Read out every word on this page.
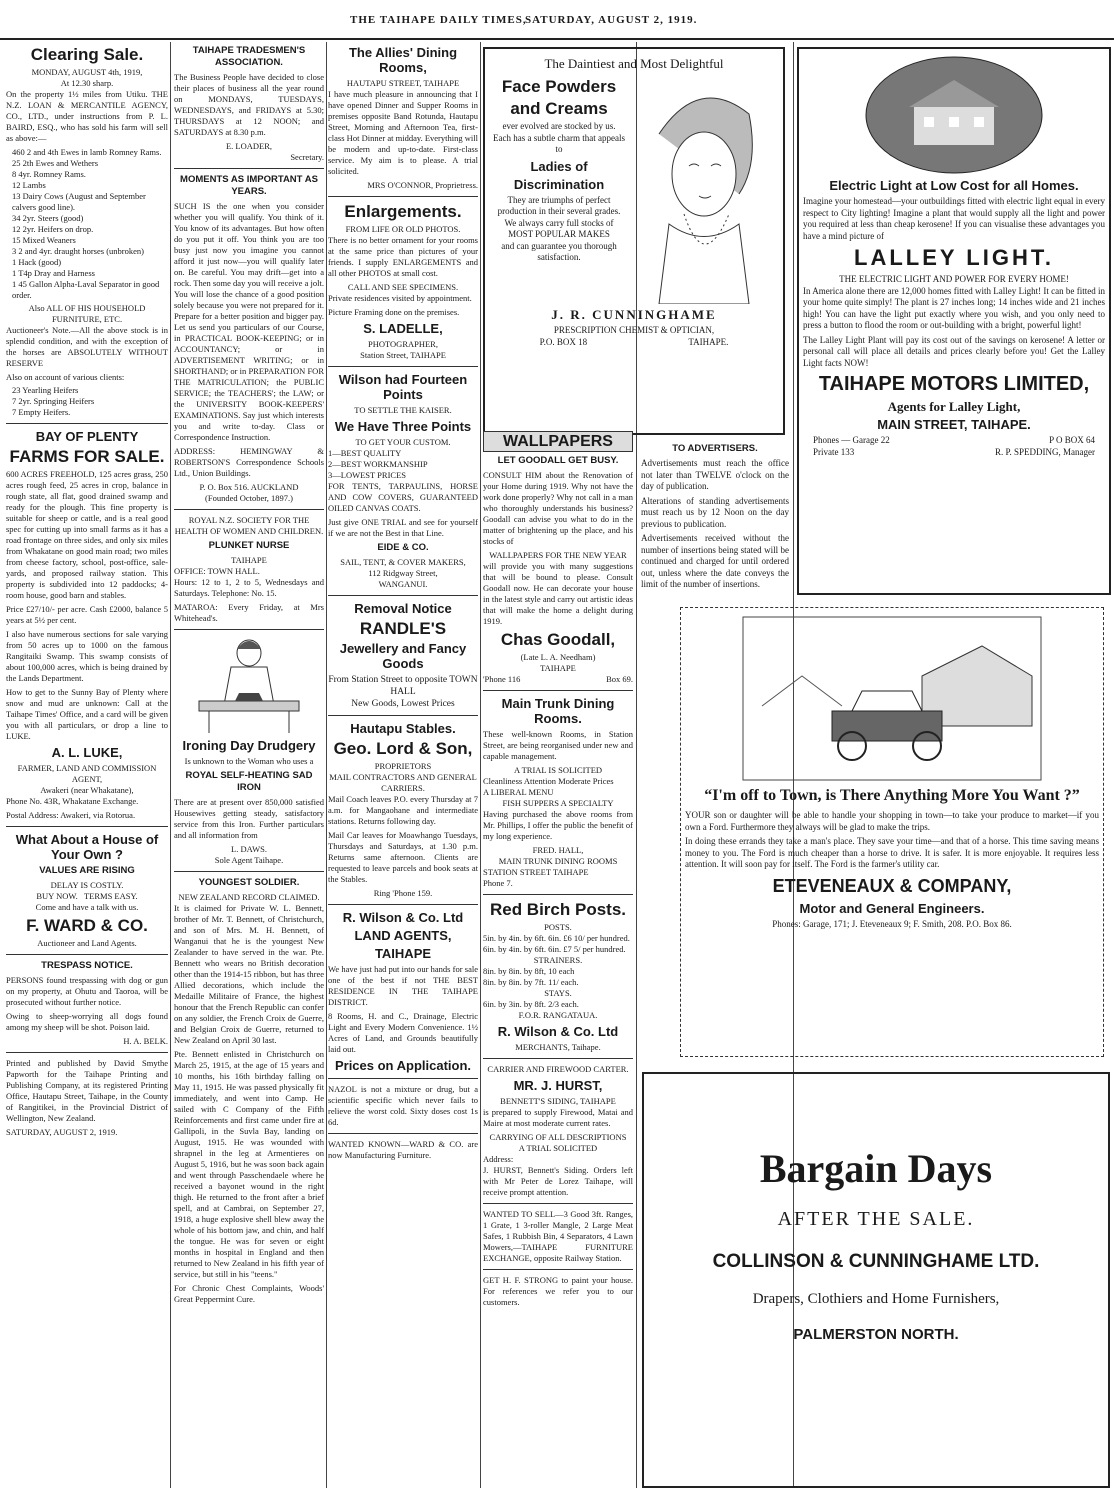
THE TAIHAPE DAILY TIMES,
SATURDAY, AUGUST 2, 1919.
Clearing Sale.
MONDAY, AUGUST 4th, 1919,
At 12.30 sharp.

On the property 1½ miles from Utiku. THE N.Z. LOAN & MERCANTILE AGENCY, CO., LTD., under instructions from P. L. BAIRD, ESQ., who has sold his farm will sell as above:—

460 2 and 4th Ewes in lamb Romney Rams.
25 2th Ewes and Wethers
8 4yr. Romney Rams.
12 Lambs
13 Dairy Cows (August and September calvers good line).
34 2yr. Steers (good)
12 2yr. Heifers on drop.
15 Mixed Weaners
3 2 and 4yr. draught horses (unbroken)
1 Hack (good)
1 T4p Dray and Harness
1 45 Gallon Alpha-Laval Separator in good order.
Also ALL OF HIS HOUSEHOLD FURNITURE, ETC.

Auctioneer's Note.—All the above stock is in splendid condition, and with the exception of the horses are ABSOLUTELY WITHOUT RESERVE

Also on account of various clients:
23 Yearling Heifers
7 2yr. Springing Heifers
7 Empty Heifers.
BAY OF PLENTY
FARMS FOR SALE.

600 ACRES FREEHOLD, 125 acres grass, 250 acres rough feed, 25 acres in crop, balance in rough state, all flat, good drained swamp and ready for the plough. This fine property is suitable for sheep or cattle, and is a real good spec for cutting up into small farms as it has a road frontage on three sides, and only six miles from Whakatane on good main road; two miles from cheese factory, school, post-office, sale-yards, and proposed railway station. This property is subdivided into 12 paddocks; 4-room house, good barn and stables.

Price £27/10/- per acre. Cash £2000, balance 5 years at 5½ per cent.

I also have numerous sections for sale varying from 50 acres up to 1000 on the famous Rangitaiki Swamp. This swamp consists of about 100,000 acres, which is being drained by the Lands Department.

How to get to the Sunny Bay of Plenty where snow and mud are unknown: Call at the Taihape Times' Office, and a card will be given you with all particulars, or drop a line to LUKE.

A. L. LUKE,
FARMER, LAND AND COMMISSION AGENT,
Awakeri (near Whakatane),

Phone No. 43R, Whakatane Exchange.

Postal Address: Awakeri, via Rotorua.

What About a House of Your Own ?
VALUES ARE RISING
DELAY IS COSTLY.
BUY NOW. TERMS EASY.
Come and have a talk with us.
F. WARD & CO.
Auctioneer and Land Agents.
TRESPASS NOTICE.

PERSONS found trespassing with dog or gun on my property, at Ohutu and Taoroa, will be prosecuted without further notice.

Owing to sheep-worrying all dogs found among my sheep will be shot. Poison laid.

H. A. BELK.

Printed and published by David Smythe Papworth for the Taihape Printing and Publishing Company, at its registered Printing Office, Hautapu Street, Taihape, in the County of Rangitikei, in the Provincial District of Wellington, New Zealand.

SATURDAY, AUGUST 2, 1919.
TAIHAPE TRADESMEN'S ASSOCIATION.

The Business People have decided to close their places of business all the year round on MONDAYS, TUESDAYS, WEDNESDAYS, and FRIDAYS at 5.30; THURSDAYS at 12 NOON; and SATURDAYS at 8.30 p.m.

E. LOADER,
Secretary.
MOMENTS AS IMPORTANT AS YEARS.

SUCH IS the one when you consider whether you will qualify. You think of it. You know of its advantages. But how often do you put it off. You think you are too busy just now you imagine you cannot afford it just now—you will qualify later on. Be careful. You may drift—get into a rock. Then some day you will receive a jolt. You will lose the chance of a good position solely because you were not prepared for it. Prepare for a better position and bigger pay. Let us send you particulars of our Course, in PRACTICAL BOOK-KEEPING; or in ACCOUNTANCY; or in ADVERTISEMENT WRITING; or in SHORTHAND; or in PREPARATION FOR THE MATRICULATION; the PUBLIC SERVICE; the TEACHERS'; the LAW; or the UNIVERSITY BOOK-KEEPERS' EXAMINATIONS. Say just which interests you and write to-day. Class or Correspondence Instruction.

ADDRESS: HEMINGWAY & ROBERTSON'S Correspondence Schools Ltd., Union Buildings.

P. O. Box 516. AUCKLAND
(Founded October, 1897.)
ROYAL N.Z. SOCIETY FOR THE HEALTH OF WOMEN AND CHILDREN.
PLUNKET NURSE
TAIHAPE
OFFICE: TOWN HALL.

Hours: 12 to 1, 2 to 5, Wednesdays and Saturdays. Telephone: No. 15.

MATAROA: Every Friday, at Mrs Whitehead's.

Ironing Day Drudgery
Is unknown to the Woman who uses a
ROYAL SELF-HEATING SAD IRON

There are at present over 850,000 satisfied Housewives getting steady, satisfactory service from this Iron. Further particulars and all information from

L. DAWS.
Sole Agent Taihape.
YOUNGEST SOLDIER.
NEW ZEALAND RECORD CLAIMED.

It is claimed for Private W. L. Bennett, brother of Mr. T. Bennett, of Christchurch, and son of Mrs. M. H. Bennett, of Wanganui that he is the youngest New Zealander to have served in the war. Pte. Bennett who wears no British decoration other than the 1914-15 ribbon, but has three Allied decorations, which include the Medaille Militaire of France, the highest honour that the French Republic can confer on any soldier, the French Croix de Guerre, and Belgian Croix de Guerre, returned to New Zealand on April 30 last.

Pte. Bennett enlisted in Christchurch on March 25, 1915, at the age of 15 years and 10 months, his 16th birthday falling on May 11, 1915. He was passed physically fit immediately, and went into Camp. He sailed with C Company of the Fifth Reinforcements and first came under fire at Gallipoli, in the Suvla Bay, landing on August, 1915. He was wounded with shrapnel in the leg at Armentieres on August 5, 1916, but he was soon back again and went through Passchendaele where he received a bayonet wound in the right thigh. He returned to the front after a brief spell, and at Cambrai, on September 27, 1918, a huge explosive shell blew away the whole of his bottom jaw, and chin, and half the tongue. He was for seven or eight months in hospital in England and then returned to New Zealand in his fifth year of service, but still in his "teens."

For Chronic Chest Complaints, Woods' Great Peppermint Cure.

The Allies' Dining Rooms,
HAUTAPU STREET, TAIHAPE

I have much pleasure in announcing that I have opened Dinner and Supper Rooms in premises opposite Band Rotunda, Hautapu Street, Morning and Afternoon Tea, first-class Hot Dinner at midday. Everything will be modern and up-to-date. First-class service. My aim is to please. A trial solicited.

MRS O'CONNOR, Proprietress.
Enlargements.
FROM LIFE OR OLD PHOTOS.

There is no better ornament for your rooms at the same price than pictures of your friends. I supply ENLARGEMENTS and all other PHOTOS at small cost.

CALL AND SEE SPECIMENS.

Private residences visited by appointment.

Picture Framing done on the premises.

S. LADELLE,
PHOTOGRAPHER,
Station Street, TAIHAPE
Wilson had Fourteen Points
TO SETTLE THE KAISER.
We Have Three Points
TO GET YOUR CUSTOM.
1—BEST QUALITY
2—BEST WORKMANSHIP
3—LOWEST PRICES

FOR TENTS, TARPAULINS, HORSE AND COW COVERS, GUARANTEED OILED CANVAS COATS.

Just give ONE TRIAL and see for yourself if we are not the Best in that Line.

EIDE & CO.
SAIL, TENT, & COVER MAKERS,
112 Ridgway Street,
WANGANUI.
Removal Notice
RANDLE'S
Jewellery and Fancy Goods
From Station Street to opposite TOWN HALL
New Goods, Lowest Prices
Hautapu Stables.
Geo. Lord & Son,
PROPRIETORS
MAIL CONTRACTORS AND GENERAL CARRIERS.

Mail Coach leaves P.O. every Thursday at 7 a.m. for Mangaohane and intermediate stations. Returns following day.

Mail Car leaves for Moawhango Tuesdays, Thursdays and Saturdays, at 1.30 p.m. Returns same afternoon. Clients are requested to leave parcels and book seats at the Stables.

Ring 'Phone 159.
R. Wilson & Co. Ltd
LAND AGENTS,
TAIHAPE

We have just had put into our hands for sale one of the best if not THE BEST RESIDENCE IN THE TAIHAPE DISTRICT.

8 Rooms, H. and C., Drainage, Electric Light and Every Modern Convenience. 1½ Acres of Land, and Grounds beautifully laid out.

Prices on Application.

NAZOL is not a mixture or drug, but a scientific specific which never fails to relieve the worst cold. Sixty doses cost 1s 6d.

WANTED KNOWN—WARD & CO. are now Manufacturing Furniture.

The Daintiest and Most Delightful
Face Powders
and Creams
ever evolved are stocked by us.
Each has a subtle charm that appeals to
Ladies of
Discrimination
They are triumphs of perfect production in their several grades.
We always carry full stocks of
MOST POPULAR MAKES
and can guarantee you thorough satisfaction.
J. R. CUNNINGHAME
PRESCRIPTION CHEMIST & OPTICIAN,
P.O. BOX 18	TAIHAPE.
WALLPAPERS
LET GOODALL GET BUSY.

CONSULT HIM about the Renovation of your Home during 1919. Why not have the work done properly? Why not call in a man who thoroughly understands his business? Goodall can advise you what to do in the matter of brightening up the place, and his stocks of

WALLPAPERS FOR THE NEW YEAR

will provide you with many suggestions that will be bound to please. Consult Goodall now. He can decorate your house in the latest style and carry out artistic ideas that will make the home a delight during 1919.

Chas Goodall,
(Late L. A. Needham)
TAIHAPE
'Phone 116	Box 69.
Main Trunk Dining Rooms.

These well-known Rooms, in Station Street, are being reorganised under new and capable management.

A TRIAL IS SOLICITED
Cleanliness Attention Moderate Prices
A LIBERAL MENU
FISH SUPPERS A SPECIALTY

Having purchased the above rooms from Mr. Phillips, I offer the public the benefit of my long experience.

FRED. HALL,
MAIN TRUNK DINING ROOMS
STATION STREET TAIHAPE
Phone 7.
Red Birch Posts.
POSTS.
5in. by 4in. by 6ft. 6in. £6 10/ per hundred.
6in. by 4in. by 6ft. 6in. £7 5/ per hundred.
STRAINERS.
8in. by 8in. by 8ft, 10 each
8in. by 8in. by 7ft. 11/ each.
STAYS.
6in. by 3in. by 8ft. 2/3 each.
F.O.R. RANGATAUA.
R. Wilson & Co. Ltd
MERCHANTS, Taihape.
CARRIER AND FIREWOOD CARTER.
MR. J. HURST,
BENNETT'S SIDING, TAIHAPE

is prepared to supply Firewood, Matai and Maire at most moderate current rates.

CARRYING OF ALL DESCRIPTIONS
A TRIAL SOLICITED
Address:

J. HURST, Bennett's Siding. Orders left with Mr Peter de Lorez Taihape, will receive prompt attention.

WANTED TO SELL—3 Good 3ft. Ranges, 1 Grate, 1 3-roller Mangle, 2 Large Meat Safes, 1 Rubbish Bin, 4 Separators, 4 Lawn Mowers,—TAIHAPE FURNITURE EXCHANGE, opposite Railway Station.

GET H. F. STRONG to paint your house. For references we refer you to our customers.

TO ADVERTISERS.

Advertisements must reach the office not later than TWELVE o'clock on the day of publication.

Alterations of standing advertisements must reach us by 12 Noon on the day previous to publication.

Advertisements received without the number of insertions being stated will be continued and charged for until ordered out, unless where the date conveys the limit of the number of insertions.

Electric Light at Low Cost for all Homes.

Imagine your homestead—your outbuildings fitted with electric light equal in every respect to City lighting! Imagine a plant that would supply all the light and power you required at less than cheap kerosene! If you can visualise these advantages you have a mind picture of

LALLEY LIGHT.
THE ELECTRIC LIGHT AND POWER FOR EVERY HOME!

In America alone there are 12,000 homes fitted with Lalley Light! It can be fitted in your home quite simply! The plant is 27 inches long; 14 inches wide and 21 inches high! You can have the light put exactly where you wish, and you only need to press a button to flood the room or out-building with a bright, powerful light!

The Lalley Light Plant will pay its cost out of the savings on kerosene! A letter or personal call will place all details and prices clearly before you! Get the Lalley Light facts NOW!

TAIHAPE MOTORS LIMITED,
Agents for Lalley Light,
MAIN STREET, TAIHAPE.
Phones — Garage 22	P O BOX 64
Private 133	R. P. SPEDDING, Manager
“I'm off to Town, is There Anything More You Want ?”

YOUR son or daughter will be able to handle your shopping in town—to take your produce to market—if you own a Ford. Furthermore they always will be glad to make the trips.

In doing these errands they take a man's place. They save your time—and that of a horse. This time saving means money to you. The Ford is much cheaper than a horse to drive. It is safer. It is more enjoyable. It requires less attention. It will soon pay for itself. The Ford is the farmer's utility car.

ETEVENEAUX & COMPANY,
Motor and General Engineers.
Phones: Garage, 171; J. Eteveneaux 9; F. Smith, 208. P.O. Box 86.
Bargain Days
AFTER THE SALE.
COLLINSON & CUNNINGHAME LTD.
Drapers, Clothiers and Home Furnishers,
PALMERSTON NORTH.
